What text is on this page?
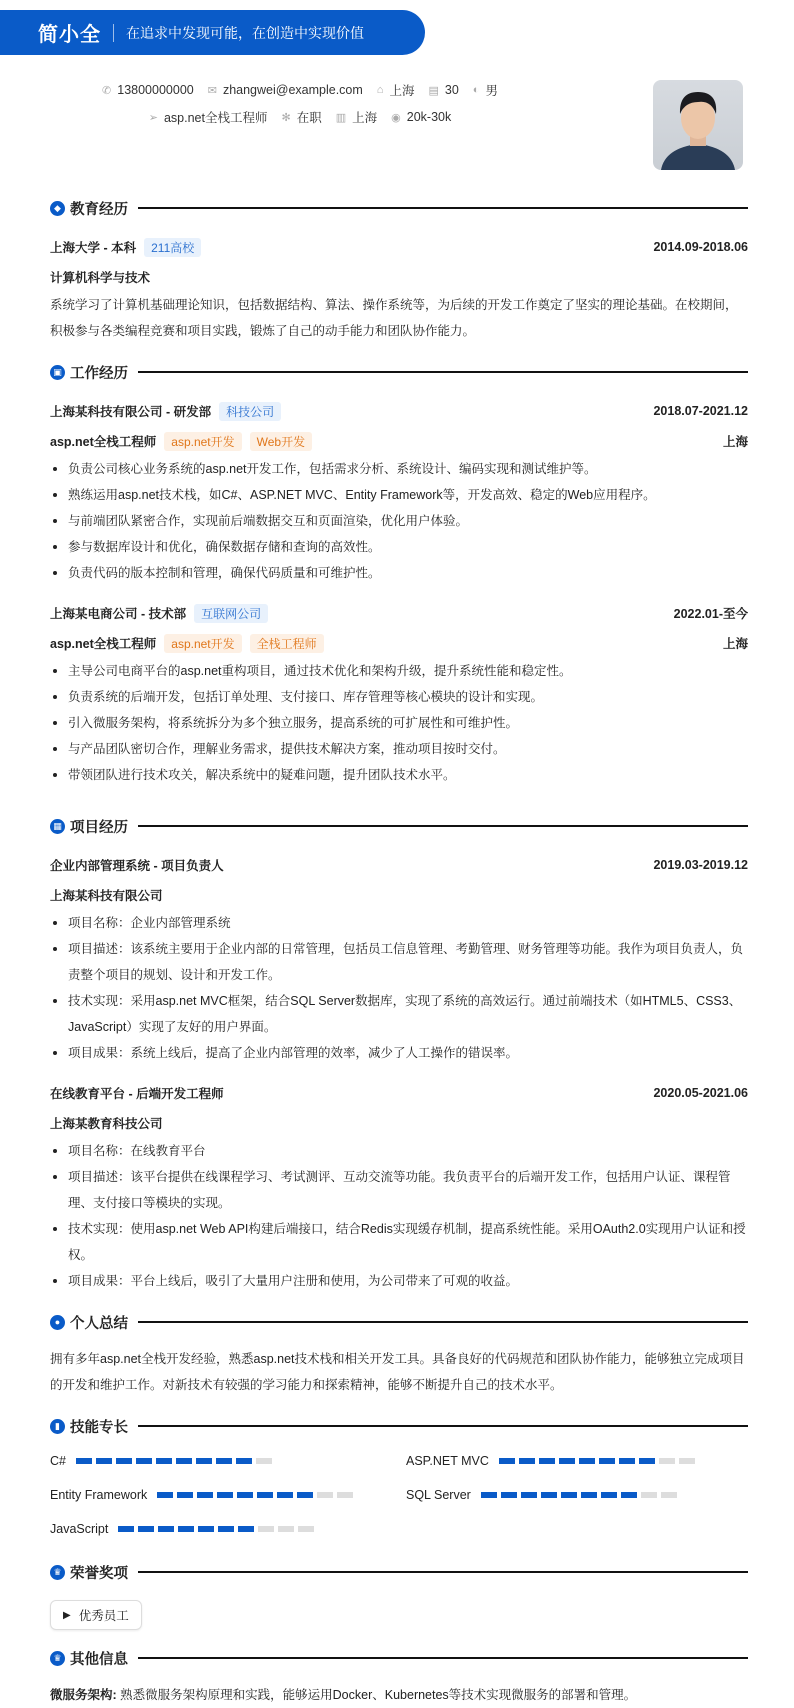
简小全 在追求中发现可能，在创造中实现价值
✆ 13800000000 ✉ zhangwei@example.com ⌂ 上海 ▤ 30 ◐ 男
➢ asp.net全栈工程师 ✻ 在职 ▥ 上海 ◉ 20k-30k
◆ 教育经历
上海大学 - 本科	211高校	2014.09-2018.06
计算机科学与技术

系统学习了计算机基础理论知识，包括数据结构、算法、操作系统等，为后续的开发工作奠定了坚实的理论基础。在校期间，积极参与各类编程竞赛和项目实践，锻炼了自己的动手能力和团队协作能力。

▣ 工作经历
上海某科技有限公司 - 研发部	科技公司	2018.07-2021.12
asp.net全栈工程师	asp.net开发	Web开发	上海
负责公司核心业务系统的asp.net开发工作，包括需求分析、系统设计、编码实现和测试维护等。
熟练运用asp.net技术栈，如C#、ASP.NET MVC、Entity Framework等，开发高效、稳定的Web应用程序。
与前端团队紧密合作，实现前后端数据交互和页面渲染，优化用户体验。
参与数据库设计和优化，确保数据存储和查询的高效性。
负责代码的版本控制和管理，确保代码质量和可维护性。
上海某电商公司 - 技术部	互联网公司	2022.01-至今
asp.net全栈工程师	asp.net开发	全栈工程师	上海
主导公司电商平台的asp.net重构项目，通过技术优化和架构升级，提升系统性能和稳定性。
负责系统的后端开发，包括订单处理、支付接口、库存管理等核心模块的设计和实现。
引入微服务架构，将系统拆分为多个独立服务，提高系统的可扩展性和可维护性。
与产品团队密切合作，理解业务需求，提供技术解决方案，推动项目按时交付。
带领团队进行技术攻关，解决系统中的疑难问题，提升团队技术水平。
▦ 项目经历
企业内部管理系统 - 项目负责人	2019.03-2019.12
上海某科技有限公司
项目名称：企业内部管理系统
项目描述：该系统主要用于企业内部的日常管理，包括员工信息管理、考勤管理、财务管理等功能。我作为项目负责人，负责整个项目的规划、设计和开发工作。
技术实现：采用asp.net MVC框架，结合SQL Server数据库，实现了系统的高效运行。通过前端技术（如HTML5、CSS3、JavaScript）实现了友好的用户界面。
项目成果：系统上线后，提高了企业内部管理的效率，减少了人工操作的错误率。
在线教育平台 - 后端开发工程师	2020.05-2021.06
上海某教育科技公司
项目名称：在线教育平台
项目描述：该平台提供在线课程学习、考试测评、互动交流等功能。我负责平台的后端开发工作，包括用户认证、课程管理、支付接口等模块的实现。
技术实现：使用asp.net Web API构建后端接口，结合Redis实现缓存机制，提高系统性能。采用OAuth2.0实现用户认证和授权。
项目成果：平台上线后，吸引了大量用户注册和使用，为公司带来了可观的收益。
● 个人总结

拥有多年asp.net全栈开发经验，熟悉asp.net技术栈和相关开发工具。具备良好的代码规范和团队协作能力，能够独立完成项目的开发和维护工作。对新技术有较强的学习能力和探索精神，能够不断提升自己的技术水平。

▮ 技能专长
C#	ASP.NET MVC
Entity Framework	SQL Server
JavaScript
♛ 荣誉奖项
▶ 优秀员工
♛ 其他信息

微服务架构: 熟悉微服务架构原理和实践，能够运用Docker、Kubernetes等技术实现微服务的部署和管理。
